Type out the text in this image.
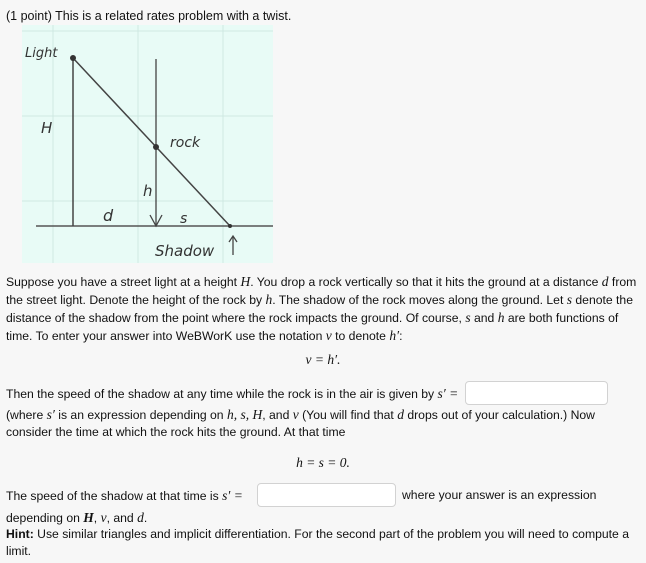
(1 point) This is a related rates problem with a twist.
Light
H
rock
h
d	s
Shadow
Suppose you have a street light at a height H. You drop a rock vertically so that it hits the ground at a distance d from
the street light. Denote the height of the rock by h. The shadow of the rock moves along the ground. Let s denote the
distance of the shadow from the point where the rock impacts the ground. Of course, s and h are both functions of
time. To enter your answer into WeBWorK use the notation v to denote h′:
v = h′.
Then the speed of the shadow at any time while the rock is in the air is given by s′ =
(where s′ is an expression depending on h, s, H, and v (You will find that d drops out of your calculation.) Now
consider the time at which the rock hits the ground. At that time
h = s = 0.
The speed of the shadow at that time is s′ =	where your answer is an expression
depending on H, v, and d.
Hint: Use similar triangles and implicit differentiation. For the second part of the problem you will need to compute a
limit.
